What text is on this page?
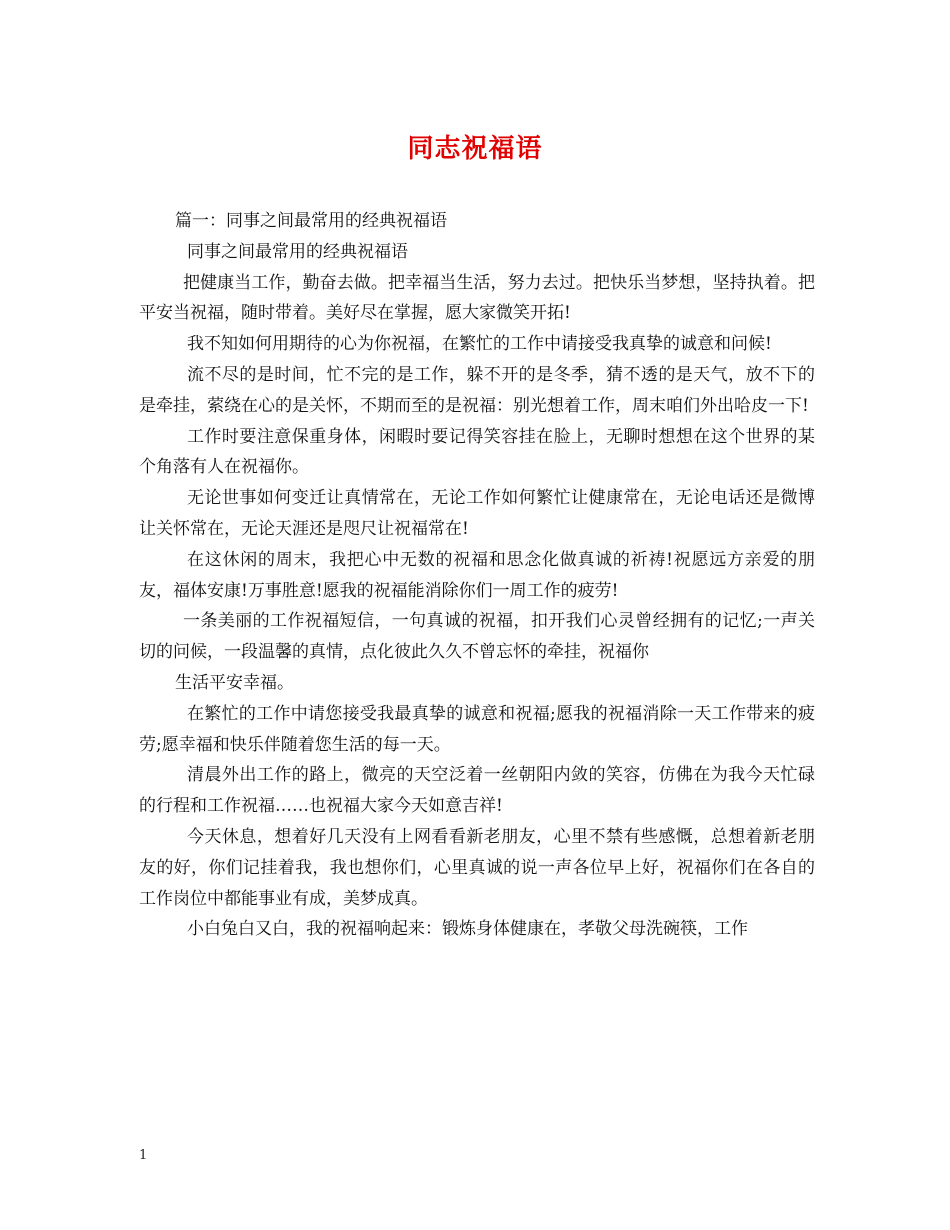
同志祝福语

篇一：同事之间最常用的经典祝福语

同事之间最常用的经典祝福语

把健康当工作，勤奋去做。把幸福当生活，努力去过。把快乐当梦想，坚持执着。把平安当祝福，随时带着。美好尽在掌握，愿大家微笑开拓!

我不知如何用期待的心为你祝福，在繁忙的工作中请接受我真挚的诚意和问候!

流不尽的是时间，忙不完的是工作，躲不开的是冬季，猜不透的是天气，放不下的是牵挂，萦绕在心的是关怀，不期而至的是祝福：别光想着工作，周末咱们外出哈皮一下!

工作时要注意保重身体，闲暇时要记得笑容挂在脸上，无聊时想想在这个世界的某个角落有人在祝福你。

无论世事如何变迁让真情常在，无论工作如何繁忙让健康常在，无论电话还是微博让关怀常在，无论天涯还是咫尺让祝福常在!

在这休闲的周末，我把心中无数的祝福和思念化做真诚的祈祷!祝愿远方亲爱的朋友，福体安康!万事胜意!愿我的祝福能消除你们一周工作的疲劳!

一条美丽的工作祝福短信，一句真诚的祝福，扣开我们心灵曾经拥有的记忆;一声关切的问候，一段温馨的真情，点化彼此久久不曾忘怀的牵挂，祝福你

生活平安幸福。

在繁忙的工作中请您接受我最真挚的诚意和祝福;愿我的祝福消除一天工作带来的疲劳;愿幸福和快乐伴随着您生活的每一天。

清晨外出工作的路上，微亮的天空泛着一丝朝阳内敛的笑容，仿佛在为我今天忙碌的行程和工作祝福……也祝福大家今天如意吉祥!

今天休息，想着好几天没有上网看看新老朋友，心里不禁有些感慨，总想着新老朋友的好，你们记挂着我，我也想你们，心里真诚的说一声各位早上好，祝福你们在各自的工作岗位中都能事业有成，美梦成真。

小白兔白又白，我的祝福响起来：锻炼身体健康在，孝敬父母洗碗筷，工作

1
